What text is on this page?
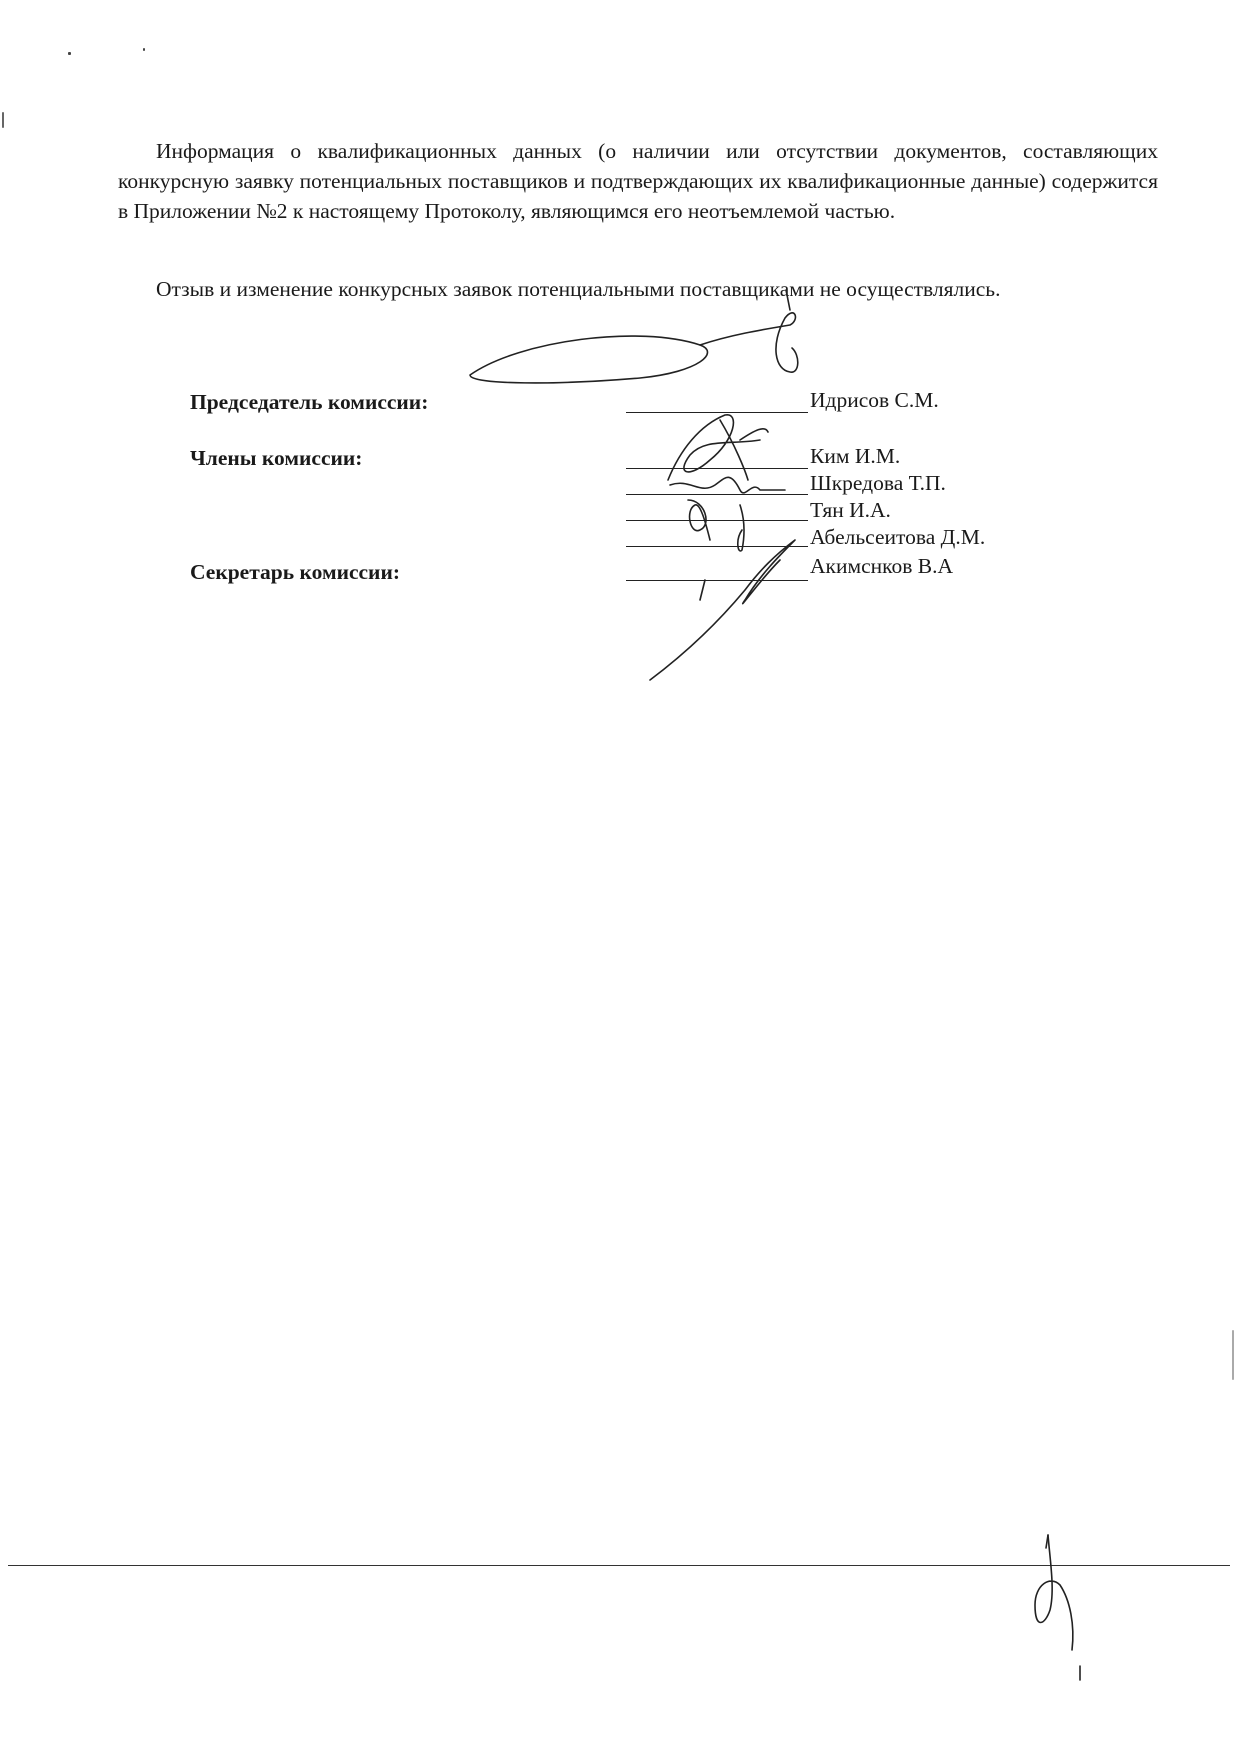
Информация о квалификационных данных (о наличии или отсутствии документов, составляющих конкурсную заявку потенциальных поставщиков и подтверждающих их квалификационные данные) содержится в Приложении №2 к настоящему Протоколу, являющимся его неотъемлемой частью.

Отзыв и изменение конкурсных заявок потенциальными поставщиками не осуществлялись.

Председатель комиссии:	Идрисов С.М.
Члены комиссии:	Ким И.М.
Шкредова Т.П.
Тян И.А.
Абельсеитова Д.М.
Секретарь комиссии:	Акимснков В.А
